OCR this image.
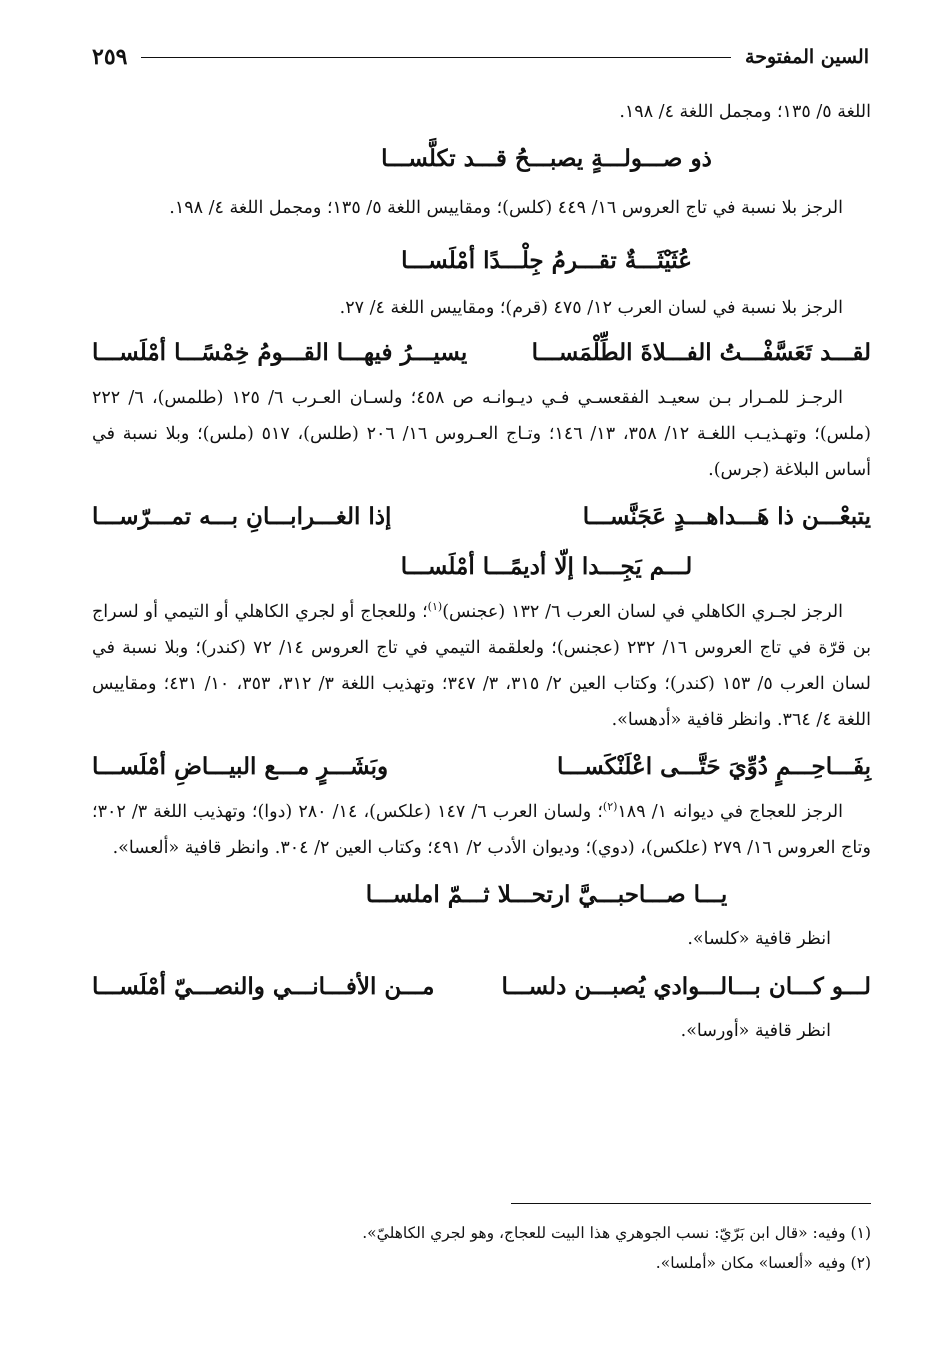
السين المفتوحة
٢٥٩

اللغة ٥/ ١٣٥؛ ومجمل اللغة ٤/ ١٩٨.

ذو صـــولـــةٍ يصبـــحُ قـــد تكلَّســـا

الرجز بلا نسبة في تاج العروس ١٦/ ٤٤٩ (كلس)؛ ومقاييس اللغة ٥/ ١٣٥؛ ومجمل اللغة ٤/ ١٩٨.

عُثَيْثَـــةٌ تقـــرمُ جِلْـــدًا أمْلَســـا

الرجز بلا نسبة في لسان العرب ١٢/ ٤٧٥ (قرم)؛ ومقاييس اللغة ٤/ ٢٧.

لقـــد تَعَسَّفْـــتُ الفـــلاةَ الطِّلْمَســـا
يسيـــرُ فيهـــا القـــومُ خِمْسًـــا أمْلَســـا

الرجـز للمـرار بـن سعيـد الفقعسـي فـي ديـوانـه ص ٤٥٨؛ ولسـان العـرب ٦/ ١٢٥ (طلمس)، ٦/ ٢٢٢ (ملس)؛ وتهـذيـب اللغـة ١٢/ ٣٥٨، ١٣/ ١٤٦؛ وتـاج العـروس ١٦/ ٢٠٦ (طلس)، ٥١٧ (ملس)؛ وبلا نسبة في أساس البلاغة (جرس).

يتبعْـــن ذا هَـــداهـــدٍ عَجَنَّســـا
إذا الغـــرابـــانِ بـــه تمـــرّســـا
لـــم يَجِـــدا إلّا أديمًـــا أمْلَســـا

الرجز لجـري الكاهلي في لسان العرب ٦/ ١٣٢ (عجنس)$^{(١)}$؛ وللعجاج أو لجري الكاهلي أو التيمي أو لسراج بن قرّة في تاج العروس ١٦/ ٢٣٢ (عجنس)؛ ولعلقمة التيمي في تاج العروس ١٤/ ٧٢ (كندر)؛ وبلا نسبة في لسان العرب ٥/ ١٥٣ (كندر)؛ وكتاب العين ٢/ ٣١٥، ٣/ ٣٤٧؛ وتهذيب اللغة ٣/ ٣١٢، ٣٥٣، ١٠/ ٤٣١؛ ومقاييس اللغة ٤/ ٣٦٤. وانظر قافية «أدهسا».

بِفَـــاحِـــمٍ دُوِّيَ حَتَّـــى اعْلَنْكَســـا
وبَشَـــرٍ مـــع البيـــاضِ أمْلَســـا

الرجز للعجاج في ديوانه ١/ ١٨٩$^{(٢)}$؛ ولسان العرب ٦/ ١٤٧ (علكس)، ١٤/ ٢٨٠ (دوا)؛ وتهذيب اللغة ٣/ ٣٠٢؛ وتاج العروس ١٦/ ٢٧٩ (علكس)، (دوي)؛ وديوان الأدب ٢/ ٤٩١؛ وكتاب العين ٢/ ٣٠٤. وانظر قافية «ألعسا».

يـــا صـــاحبـــيَّ ارتحـــلا ثـــمّ املســـا

انظر قافية «كلسا».

لـــو كـــان بـــالـــوادي يُصبـــن دلســـا
مـــن الأفـــانـــي والنصـــيّ أمْلَســـا

انظر قافية «أورسا».

(١) وفيه: «قال ابن بَرّيّ: نسب الجوهري هذا البيت للعجاج، وهو لجري الكاهليّ».

(٢) وفيه «ألعسا» مكان «أملسا».
